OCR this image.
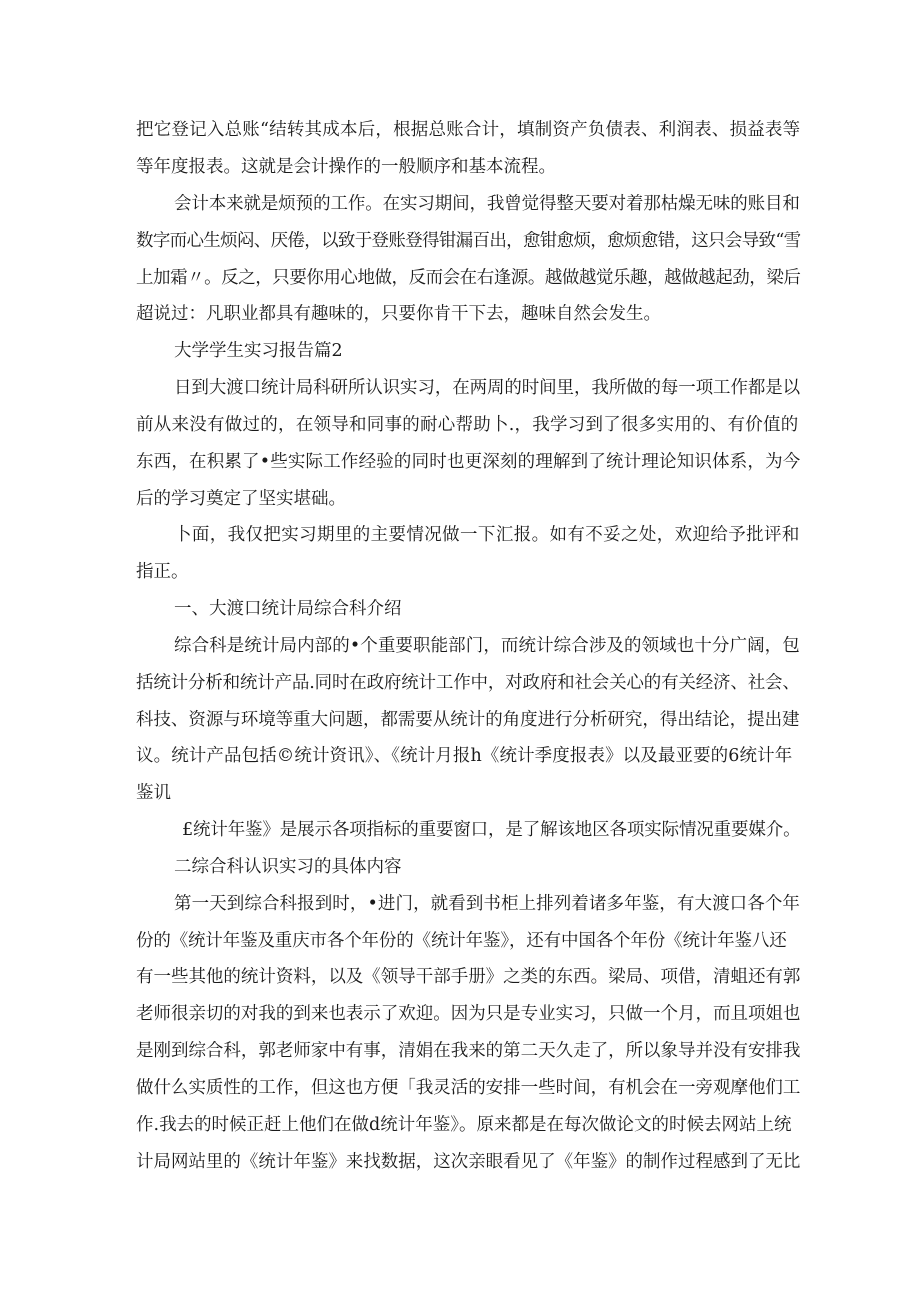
把它登记入总账“结转其成本后，根据总账合计，填制资产负债表、利润表、损益表等
等年度报表。这就是会计操作的一般顺序和基本流程。
会计本来就是烦预的工作。在实习期间，我曾觉得整天要对着那枯燥无味的账目和
数字而心生烦闷、厌倦，以致于登账登得钳漏百出，愈钳愈烦，愈烦愈错，这只会导致“雪
上加霜〃。反之，只要你用心地做，反而会在右逢源。越做越觉乐趣，越做越起劲，梁后
超说过：凡职业都具有趣味的，只要你肯干下去，趣味自然会发生。
大学学生实习报告篇2
日到大渡口统计局科研所认识实习，在两周的时间里，我所做的每一项工作都是以
前从来没有做过的，在领导和同事的耐心帮助卜.，我学习到了很多实用的、有价值的
东西，在积累了•些实际工作经验的同时也更深刻的理解到了统计理论知识体系，为今
后的学习奠定了坚实堪础。
卜面，我仅把实习期里的主要情况做一下汇报。如有不妥之处，欢迎给予批评和
指正。
一、大渡口统计局综合科介绍
综合科是统计局内部的•个重要职能部门，而统计综合涉及的领域也十分广阔，包
括统计分析和统计产品.同时在政府统计工作中，对政府和社会关心的有关经济、社会、
科技、资源与环境等重大问题，都需要从统计的角度进行分析研究，得出结论，提出建
议。统计产品包括©统计资讯》、《统计月报h《统计季度报表》以及最亚要的6统计年
鉴讥
£统计年鉴》是展示各项指标的重要窗口，是了解该地区各项实际情况重要媒介。
二综合科认识实习的具体内容
第一天到综合科报到时，•进门，就看到书柜上排列着诸多年鉴，有大渡口各个年
份的《统计年鉴及重庆市各个年份的《统计年鉴》，还有中国各个年份《统计年鉴八还
有一些其他的统计资料，以及《领导干部手册》之类的东西。梁局、项借，清蛆还有郭
老师很亲切的对我的到来也表示了欢迎。因为只是专业实习，只做一个月，而且项姐也
是刚到综合科，郭老师家中有事，清娟在我来的第二天久走了，所以象导并没有安排我
做什么实质性的工作，但这也方便「我灵活的安排一些时间，有机会在一旁观摩他们工
作.我去的时候正赶上他们在做d统计年鉴》。原来都是在每次做论文的时候去网站上统
计局网站里的《统计年鉴》来找数据，这次亲眼看见了《年鉴》的制作过程感到了无比
